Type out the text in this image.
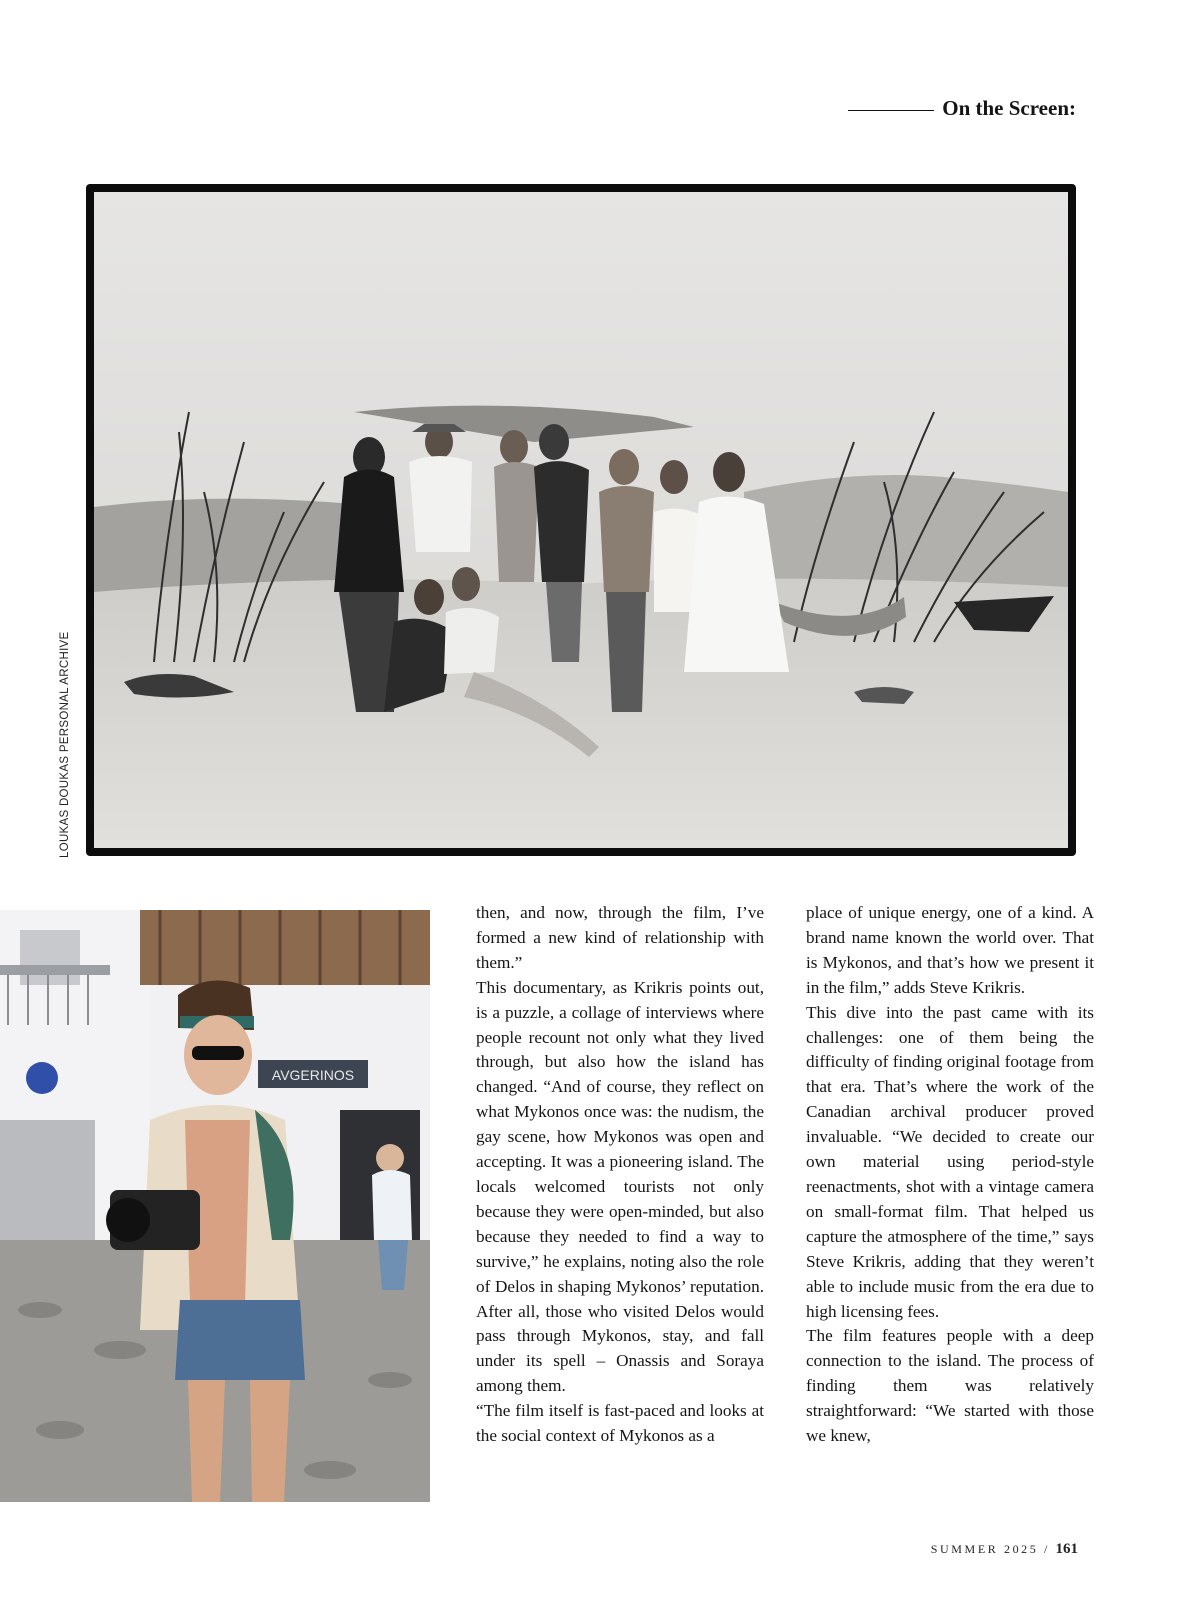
On the Screen:
LOUKAS DOUKAS PERSONAL ARCHIVE
AVGERINOS

then, and now, through the film, I’ve formed a new kind of relationship with them.”

This documentary, as Krikris points out, is a puzzle, a collage of interviews where people recount not only what they lived through, but also how the island has changed. “And of course, they reflect on what Mykonos once was: the nudism, the gay scene, how Mykonos was open and accepting. It was a pioneering island. The locals welcomed tourists not only because they were open-minded, but also because they needed to find a way to survive,” he explains, noting also the role of Delos in shaping Mykonos’ reputation. After all, those who visited Delos would pass through Mykonos, stay, and fall under its spell – Onassis and Soraya among them.

“The film itself is fast-paced and looks at the social context of Mykonos as a

place of unique energy, one of a kind. A brand name known the world over. That is Mykonos, and that’s how we present it in the film,” adds Steve Krikris.

This dive into the past came with its challenges: one of them being the difficulty of finding original footage from that era. That’s where the work of the Canadian archival producer proved invaluable. “We decided to create our own material using period-style reenactments, shot with a vintage camera on small-format film. That helped us capture the atmosphere of the time,” says Steve Krikris, adding that they weren’t able to include music from the era due to high licensing fees.

The film features people with a deep connection to the island. The process of finding them was relatively straightforward: “We started with those we knew,

SUMMER 2025 / 161
